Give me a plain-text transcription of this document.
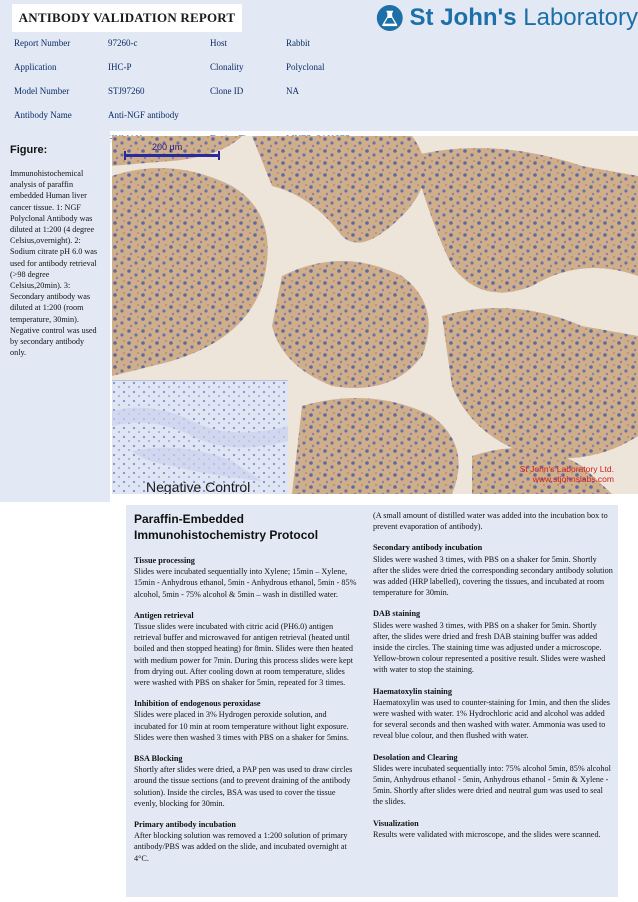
ANTIBODY VALIDATION REPORT	St John's Laboratory
Report Number	97260-c	Host	Rabbit
Application	IHC-P	Clonality	Polyclonal
Model Number	STJ97260	Clone ID	NA
Antibody Name	Anti-NGF antibody
Figure:
Immunohistochemical analysis of paraffin embedded Human liver cancer tissue. 1: NGF Polyclonal Antibody was diluted at 1:200 (4 degree Celsius,overnight). 2: Sodium citrate pH 6.0 was used for antibody retrieval (>98 degree Celsius,20min). 3: Secondary antibody was diluted at 1:200 (room temperature, 30min). Negative control was used by secondary antibody only.
200 μm
St John's Laboratory Ltd.
www.stjohnslabs.com
Negative Control
Paraffin-Embedded Immunohistochemistry Protocol
Tissue processing
Slides were incubated sequentially into Xylene; 15min – Xylene, 15min - Anhydrous ethanol, 5min - Anhydrous ethanol, 5min - 85% alcohol, 5min - 75% alcohol & 5min – wash in distilled water.
Antigen retrieval
Tissue slides were incubated with citric acid (PH6.0) antigen retrieval buffer and microwaved for antigen retrieval (heated until boiled and then stopped heating) for 8min. Slides were then heated with medium power for 7min. During this process slides were kept from drying out. After cooling down at room temperature, slides were washed with PBS on shaker for 5min, repeated for 3 times.
Inhibition of endogenous peroxidase
Slides were placed in 3% Hydrogen peroxide solution, and incubated for 10 min at room temperature without light exposure. Slides were then washed 3 times with PBS on a shaker for 5mins.
BSA Blocking
Shortly after slides were dried, a PAP pen was used to draw circles around the tissue sections (and to prevent draining of the antibody solution). Inside the circles, BSA was used to cover the tissue evenly, blocking for 30min.
Primary antibody incubation
After blocking solution was removed a 1:200 solution of primary antibody/PBS was added on the slide, and incubated overnight at 4°C.
(A small amount of distilled water was added into the incubation box to prevent evaporation of antibody).
Secondary antibody incubation
Slides were washed 3 times, with PBS on a shaker for 5min. Shortly after the slides were dried the corresponding secondary antibody solution was added (HRP labelled), covering the tissues, and incubated at room temperature for 30min.
DAB staining
Slides were washed 3 times, with PBS on a shaker for 5min. Shortly after, the slides were dried and fresh DAB staining buffer was added inside the circles. The staining time was adjusted under a microscope. Yellow-brown colour represented a positive result. Slides were washed with water to stop the staining.
Haematoxylin staining
Haematoxylin was used to counter-staining for 1min, and then the slides were washed with water. 1% Hydrochloric acid and alcohol was added for several seconds and then washed with water. Ammonia was used to reveal blue colour, and then flushed with water.
Desolation and Clearing
Slides were incubated sequentially into: 75% alcohol 5min, 85% alcohol 5min, Anhydrous ethanol - 5min, Anhydrous ethanol - 5min & Xylene - 5min. Shortly after slides were dried and neutral gum was used to seal the slides.
Visualization
Results were validated with microscope, and the slides were scanned.
